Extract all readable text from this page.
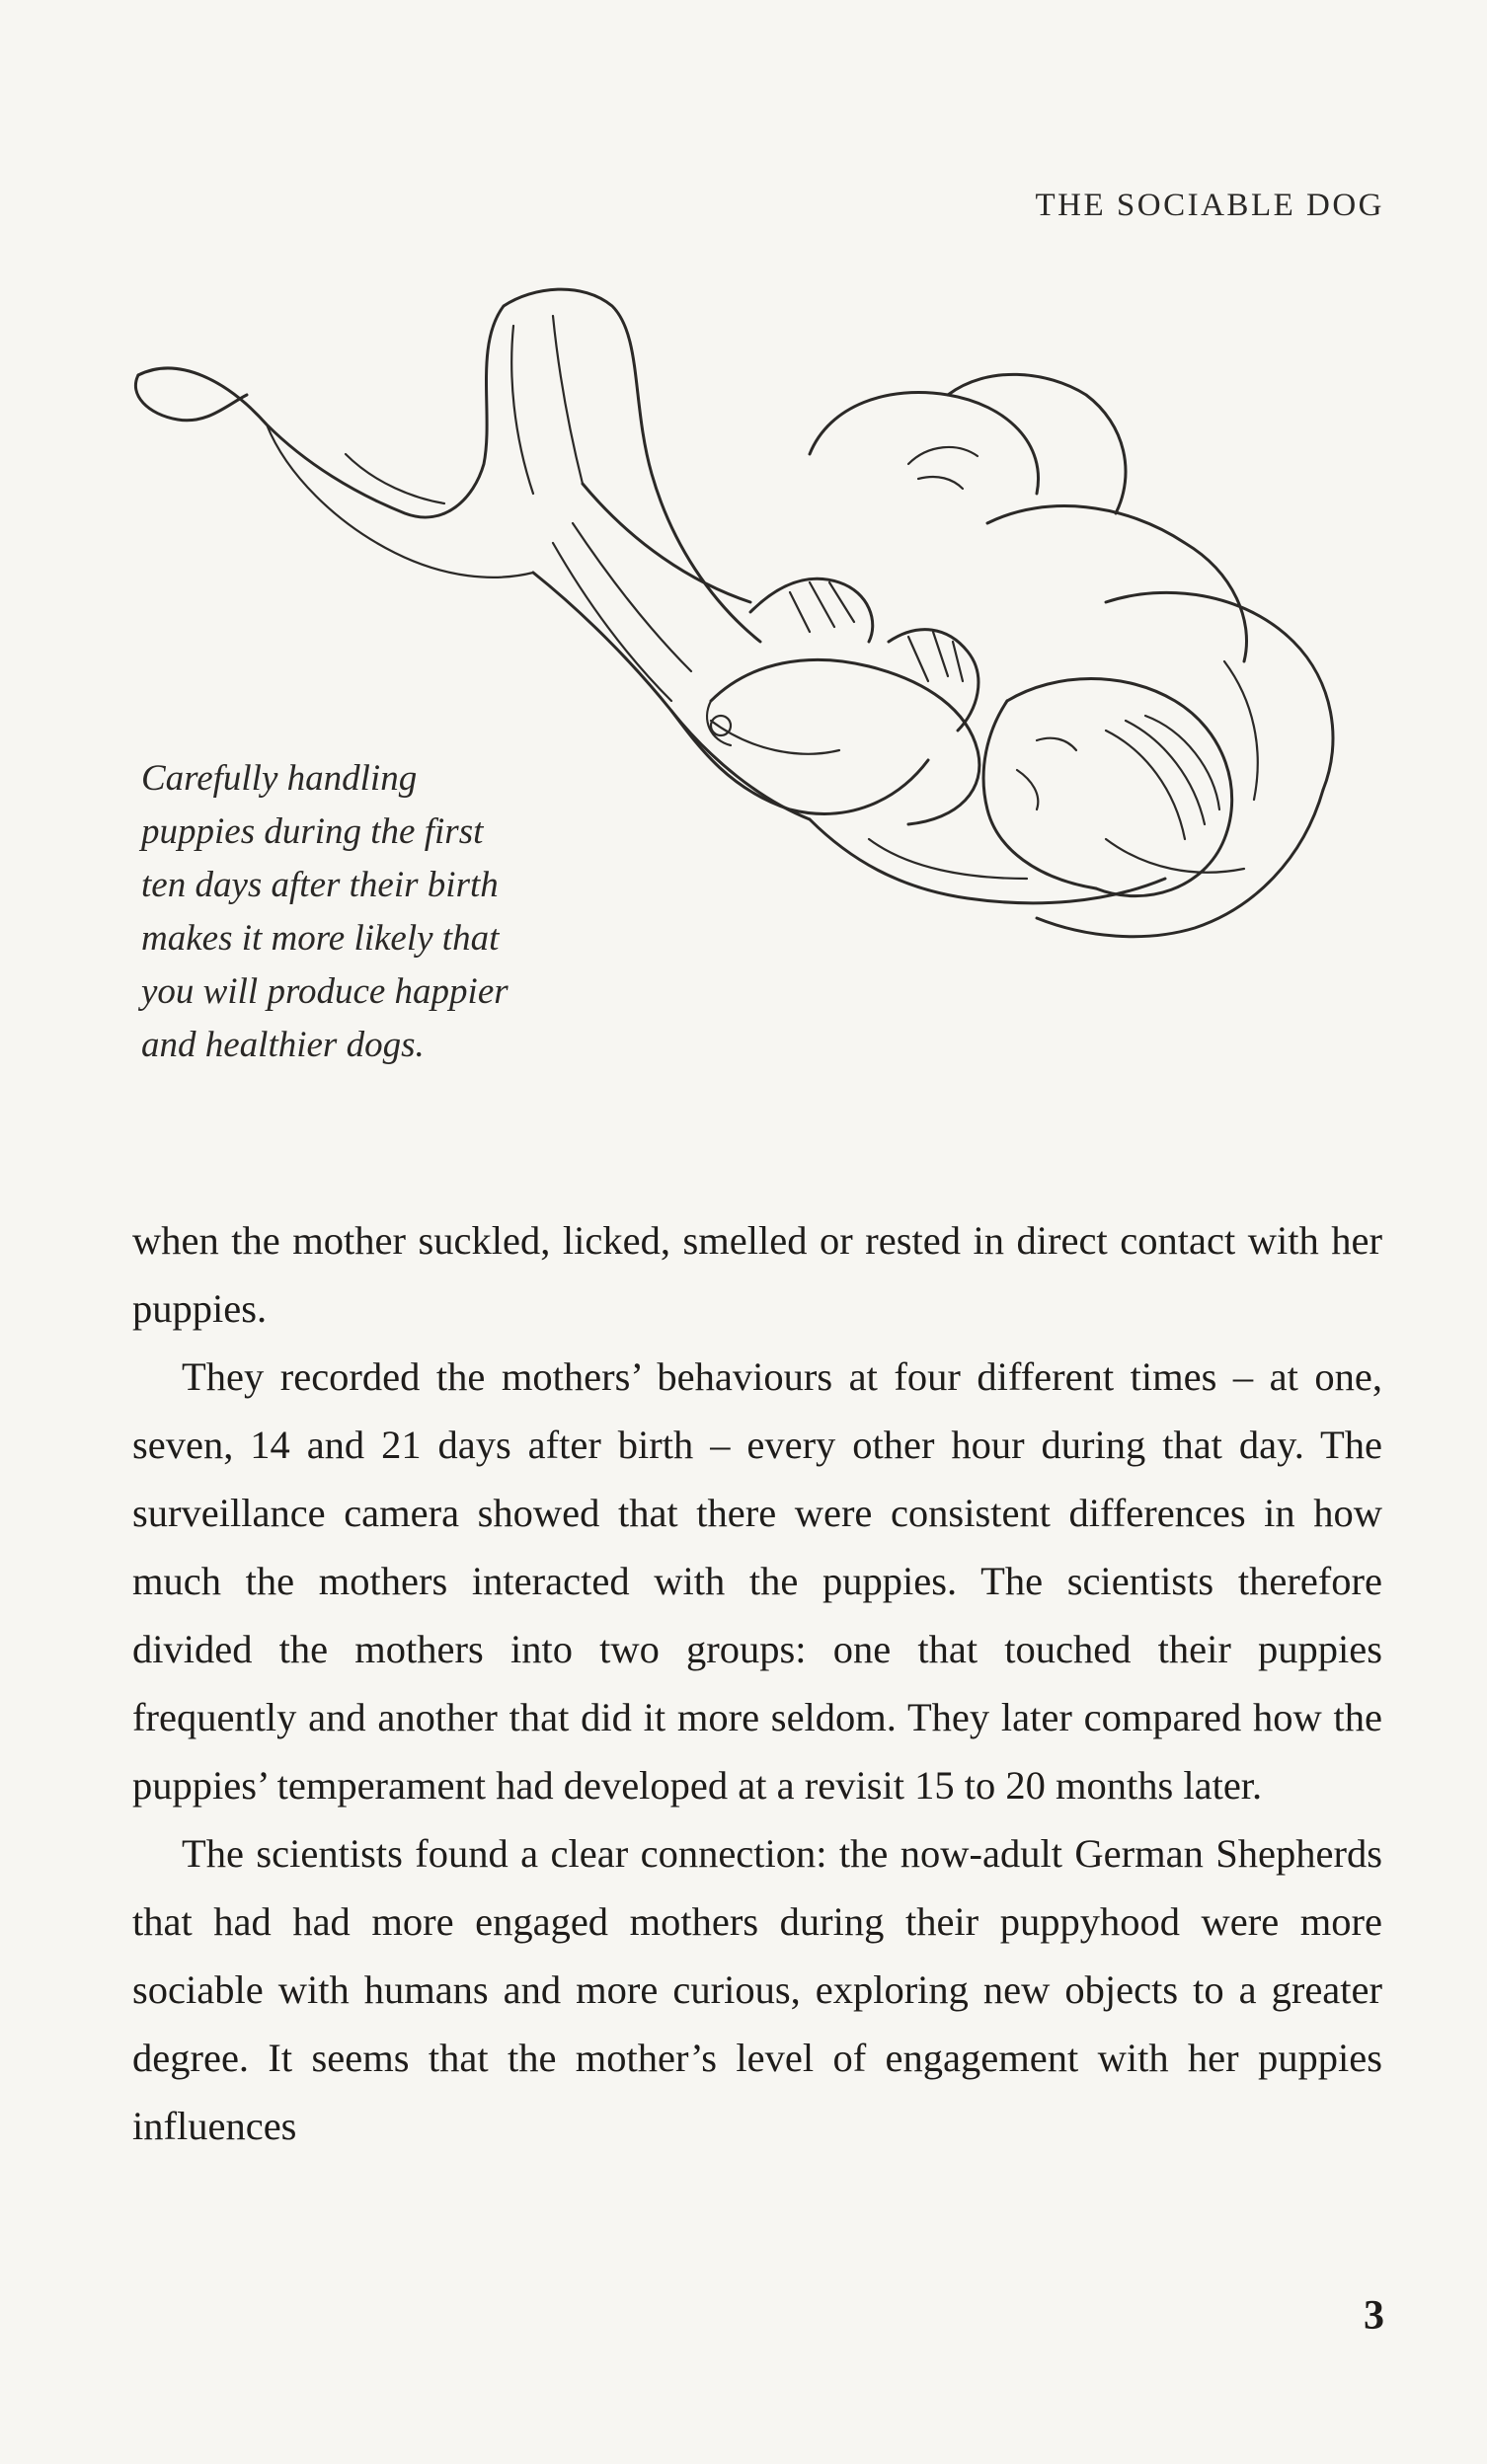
THE SOCIABLE DOG
Carefully handling
puppies during the first
ten days after their birth
makes it more likely that
you will produce happier
and healthier dogs.

when the mother suckled, licked, smelled or rested in direct contact with her puppies.

They recorded the mothers’ behaviours at four different times – at one, seven, 14 and 21 days after birth – every other hour during that day. The surveillance camera showed that there were consistent differences in how much the mothers interacted with the puppies. The scientists therefore divided the mothers into two groups: one that touched their puppies frequently and another that did it more seldom. They later compared how the puppies’ temperament had developed at a revisit 15 to 20 months later.

The scientists found a clear connection: the now-adult German Shepherds that had had more engaged mothers during their puppyhood were more sociable with humans and more curious, exploring new objects to a greater degree. It seems that the mother’s level of engagement with her puppies influences

3
